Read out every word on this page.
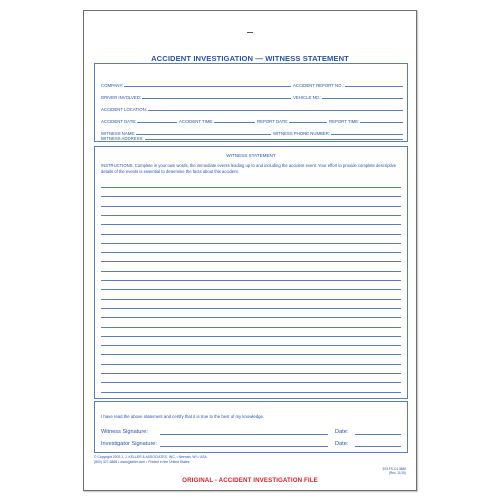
ACCIDENT INVESTIGATION — WITNESS STATEMENT
COMPANY:	ACCIDENT REPORT NO.:
DRIVER INVOLVED:	VEHICLE NO.:
ACCIDENT LOCATION:
ACCIDENT DATE:	ACCIDENT TIME:	REPORT DATE:	REPORT TIME:
WITNESS NAME:	WITNESS PHONE NUMBER:
WITNESS ADDRESS:
WITNESS STATEMENT
INSTRUCTIONS: Complete in your own words, the immediate events leading up to and including the accident event. Your effort to provide complete descriptive details of the events is essential to determine the facts about this accident.
I have read the above statement and certify that it is true to the best of my knowledge.
Witness Signature:	Date:
Investigator Signature:	Date:
© Copyright 2003 J. J. KELLER & ASSOCIATES, INC. • Neenah, WI • USA
(800) 327-6868 • www.jjkeller.com • Printed in the United States
303-FS-C4 3886
(Rev. 11/15)
ORIGINAL - ACCIDENT INVESTIGATION FILE
